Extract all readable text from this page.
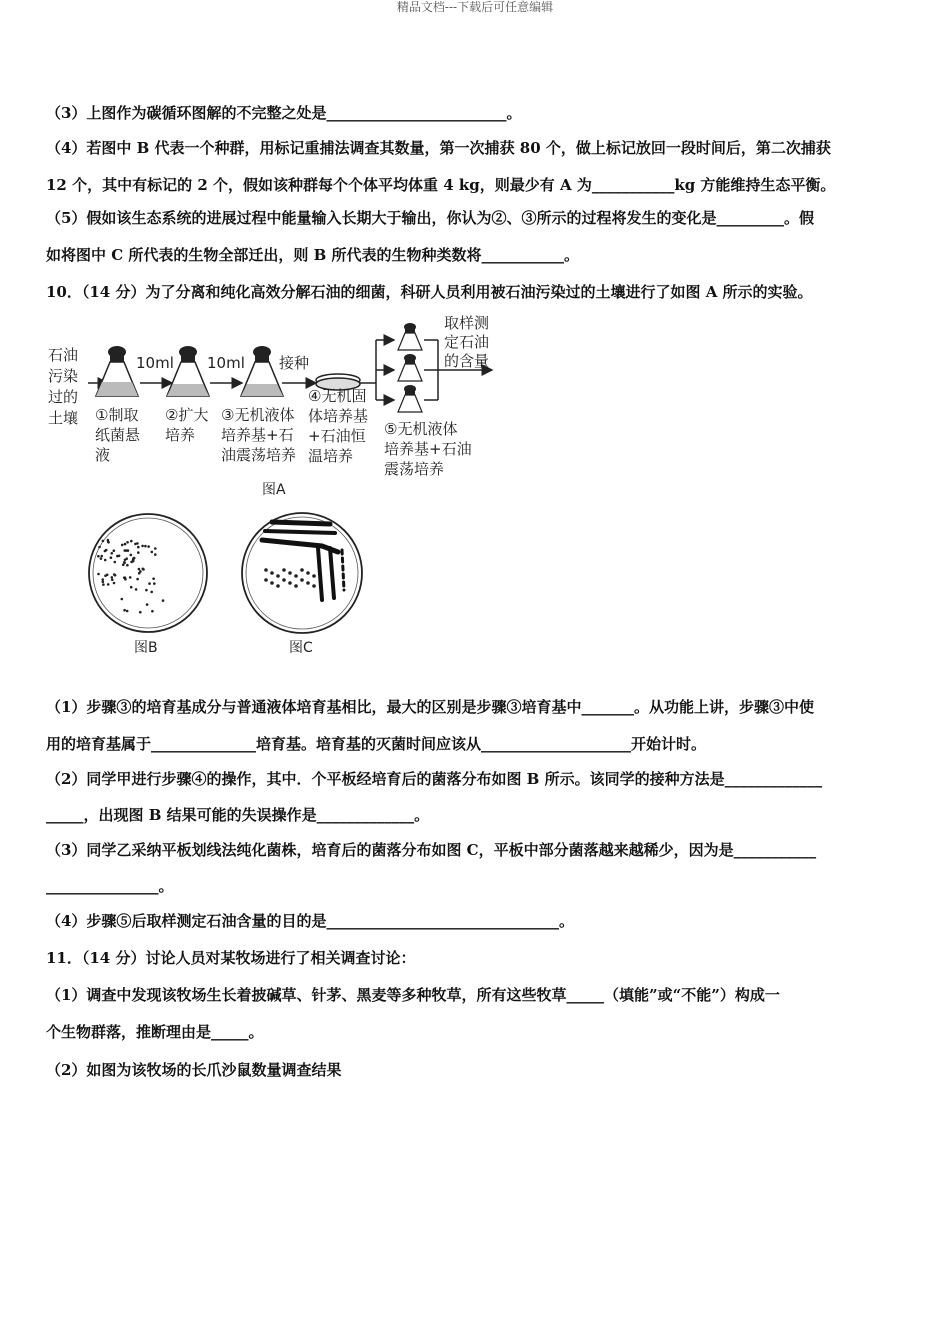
精品文档---下载后可任意编辑
（3）上图作为碳循环图解的不完整之处是________________________。
（4）若图中 B 代表一个种群，用标记重捕法调查其数量，第一次捕获 80 个，做上标记放回一段时间后，第二次捕获
12 个，其中有标记的 2 个，假如该种群每个个体平均体重 4 kg，则最少有 A 为___________kg 方能维持生态平衡。
（5）假如该生态系统的进展过程中能量输入长期大于输出，你认为②、③所示的过程将发生的变化是_________。假
如将图中 C 所代表的生物全部迁出，则 B 所代表的生物种类数将___________。
10．（14 分）为了分离和纯化高效分解石油的细菌，科研人员利用被石油污染过的土壤进行了如图 A 所示的实验。
石油
污染
过的
土壤
10ml 10ml 接种
取样测
定石油
的含量
①制取
纸菌悬
液
②扩大
培养
③无机液体
培养基+石
油震荡培养
④无机固
体培养基
+石油恒
温培养
⑤无机液体
培养基+石油
震荡培养
图A
图B	图C
（1）步骤③的培育基成分与普通液体培育基相比，最大的区别是步骤③培育基中_______。从功能上讲，步骤③中使
用的培育基属于______________培育基。培育基的灭菌时间应该从____________________开始计时。
（2）同学甲进行步骤④的操作，其中．个平板经培育后的菌落分布如图 B 所示。该同学的接种方法是_____________
_____，出现图 B 结果可能的失误操作是_____________。
（3）同学乙采纳平板划线法纯化菌株，培育后的菌落分布如图 C，平板中部分菌落越来越稀少，因为是___________
_______________。
（4）步骤⑤后取样测定石油含量的目的是_______________________________。
11．（14 分）讨论人员对某牧场进行了相关调查讨论：
（1）调查中发现该牧场生长着披碱草、针茅、黑麦等多种牧草，所有这些牧草_____（填能”或“不能”）构成一
个生物群落，推断理由是_____。
（2）如图为该牧场的长爪沙鼠数量调查结果
